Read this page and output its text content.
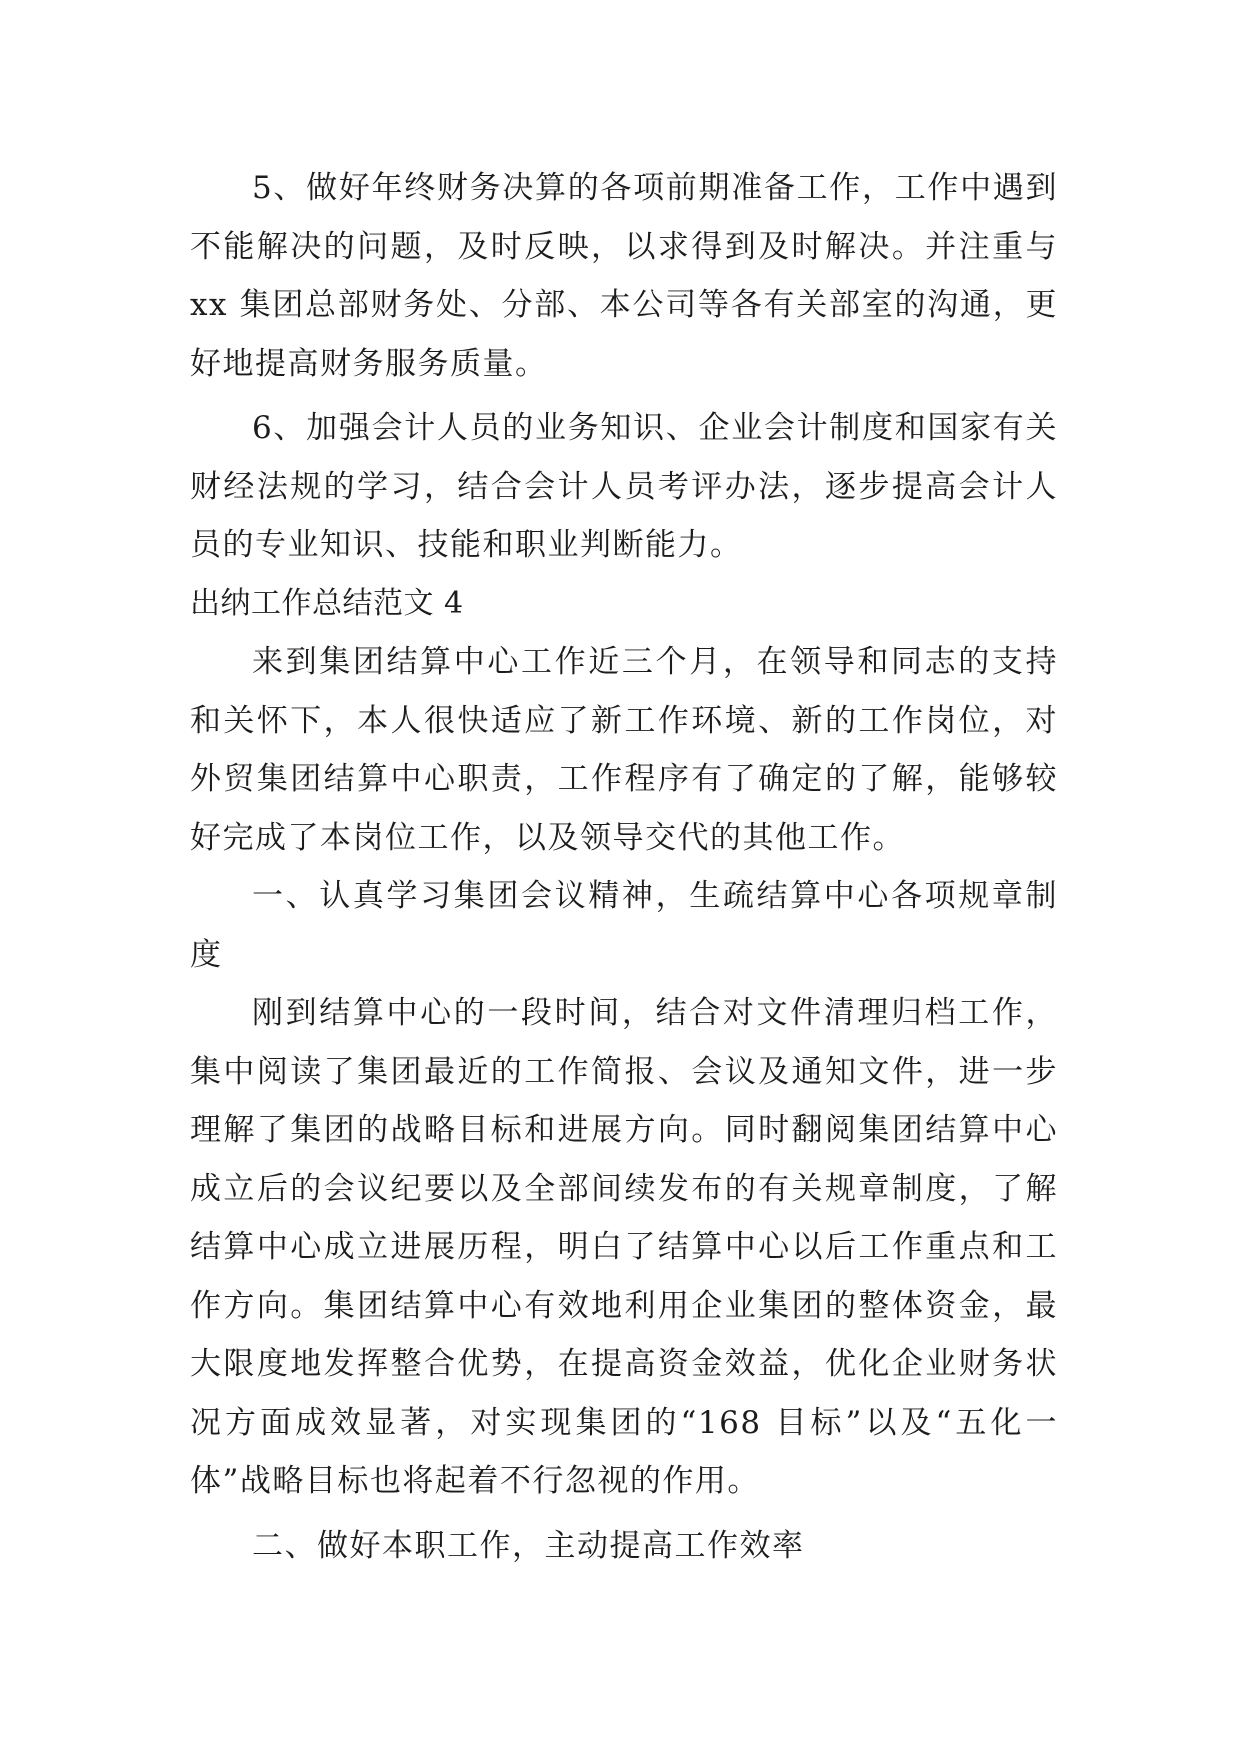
5、做好年终财务决算的各项前期准备工作，工作中遇到不能解决的问题，及时反映，以求得到及时解决。并注重与 xx 集团总部财务处、分部、本公司等各有关部室的沟通，更好地提高财务服务质量。

6、加强会计人员的业务知识、企业会计制度和国家有关财经法规的学习，结合会计人员考评办法，逐步提高会计人员的专业知识、技能和职业判断能力。

出纳工作总结范文 4

来到集团结算中心工作近三个月，在领导和同志的支持和关怀下，本人很快适应了新工作环境、新的工作岗位，对外贸集团结算中心职责，工作程序有了确定的了解，能够较好完成了本岗位工作，以及领导交代的其他工作。

一、认真学习集团会议精神，生疏结算中心各项规章制度

刚到结算中心的一段时间，结合对文件清理归档工作，集中阅读了集团最近的工作简报、会议及通知文件，进一步理解了集团的战略目标和进展方向。同时翻阅集团结算中心成立后的会议纪要以及全部间续发布的有关规章制度，了解结算中心成立进展历程，明白了结算中心以后工作重点和工作方向。集团结算中心有效地利用企业集团的整体资金，最大限度地发挥整合优势，在提高资金效益，优化企业财务状况方面成效显著，对实现集团的“168 目标”以及“五化一体”战略目标也将起着不行忽视的作用。

二、做好本职工作，主动提高工作效率
